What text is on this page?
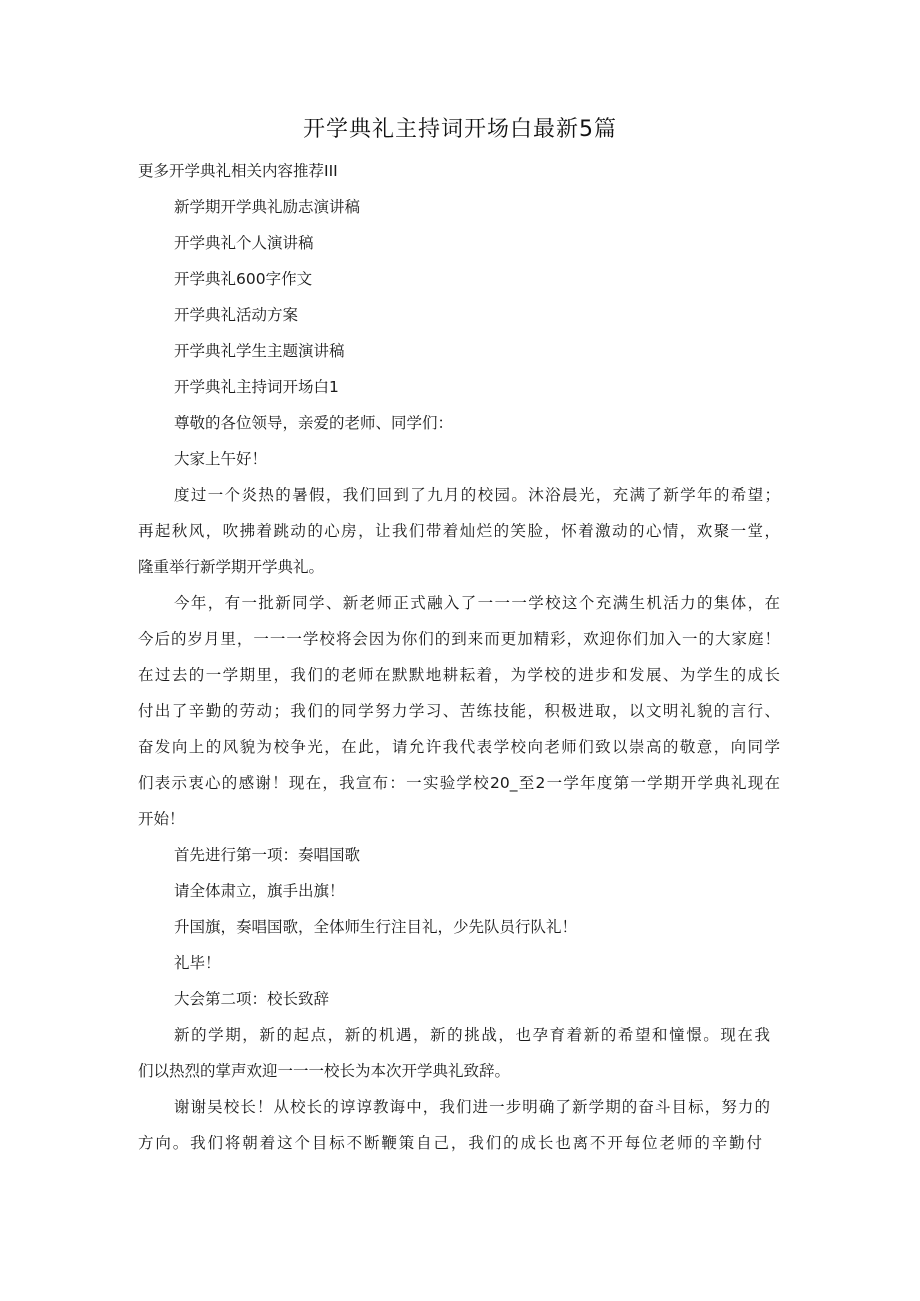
开学典礼主持词开场白最新5篇
更多开学典礼相关内容推荐III
新学期开学典礼励志演讲稿
开学典礼个人演讲稿
开学典礼600字作文
开学典礼活动方案
开学典礼学生主题演讲稿
开学典礼主持词开场白1
尊敬的各位领导，亲爱的老师、同学们：
大家上午好！
度过一个炎热的暑假，我们回到了九月的校园。沐浴晨光，充满了新学年的希望；
再起秋风，吹拂着跳动的心房，让我们带着灿烂的笑脸，怀着激动的心情，欢聚一堂，
隆重举行新学期开学典礼。
今年，有一批新同学、新老师正式融入了一一一学校这个充满生机活力的集体，在
今后的岁月里，一一一学校将会因为你们的到来而更加精彩，欢迎你们加入一的大家庭！
在过去的一学期里，我们的老师在默默地耕耘着，为学校的进步和发展、为学生的成长
付出了辛勤的劳动；我们的同学努力学习、苦练技能，积极进取，以文明礼貌的言行、
奋发向上的风貌为校争光，在此，请允许我代表学校向老师们致以崇高的敬意，向同学
们表示衷心的感谢！现在，我宣布：一实验学校20_至2一学年度第一学期开学典礼现在
开始！
首先进行第一项：奏唱国歌
请全体肃立，旗手出旗！
升国旗，奏唱国歌，全体师生行注目礼，少先队员行队礼！
礼毕！
大会第二项：校长致辞
新的学期，新的起点，新的机遇，新的挑战，也孕育着新的希望和憧憬。现在我
们以热烈的掌声欢迎一一一校长为本次开学典礼致辞。
谢谢吴校长！从校长的谆谆教诲中，我们进一步明确了新学期的奋斗目标，努力的
方向。我们将朝着这个目标不断鞭策自己，我们的成长也离不开每位老师的辛勤付
